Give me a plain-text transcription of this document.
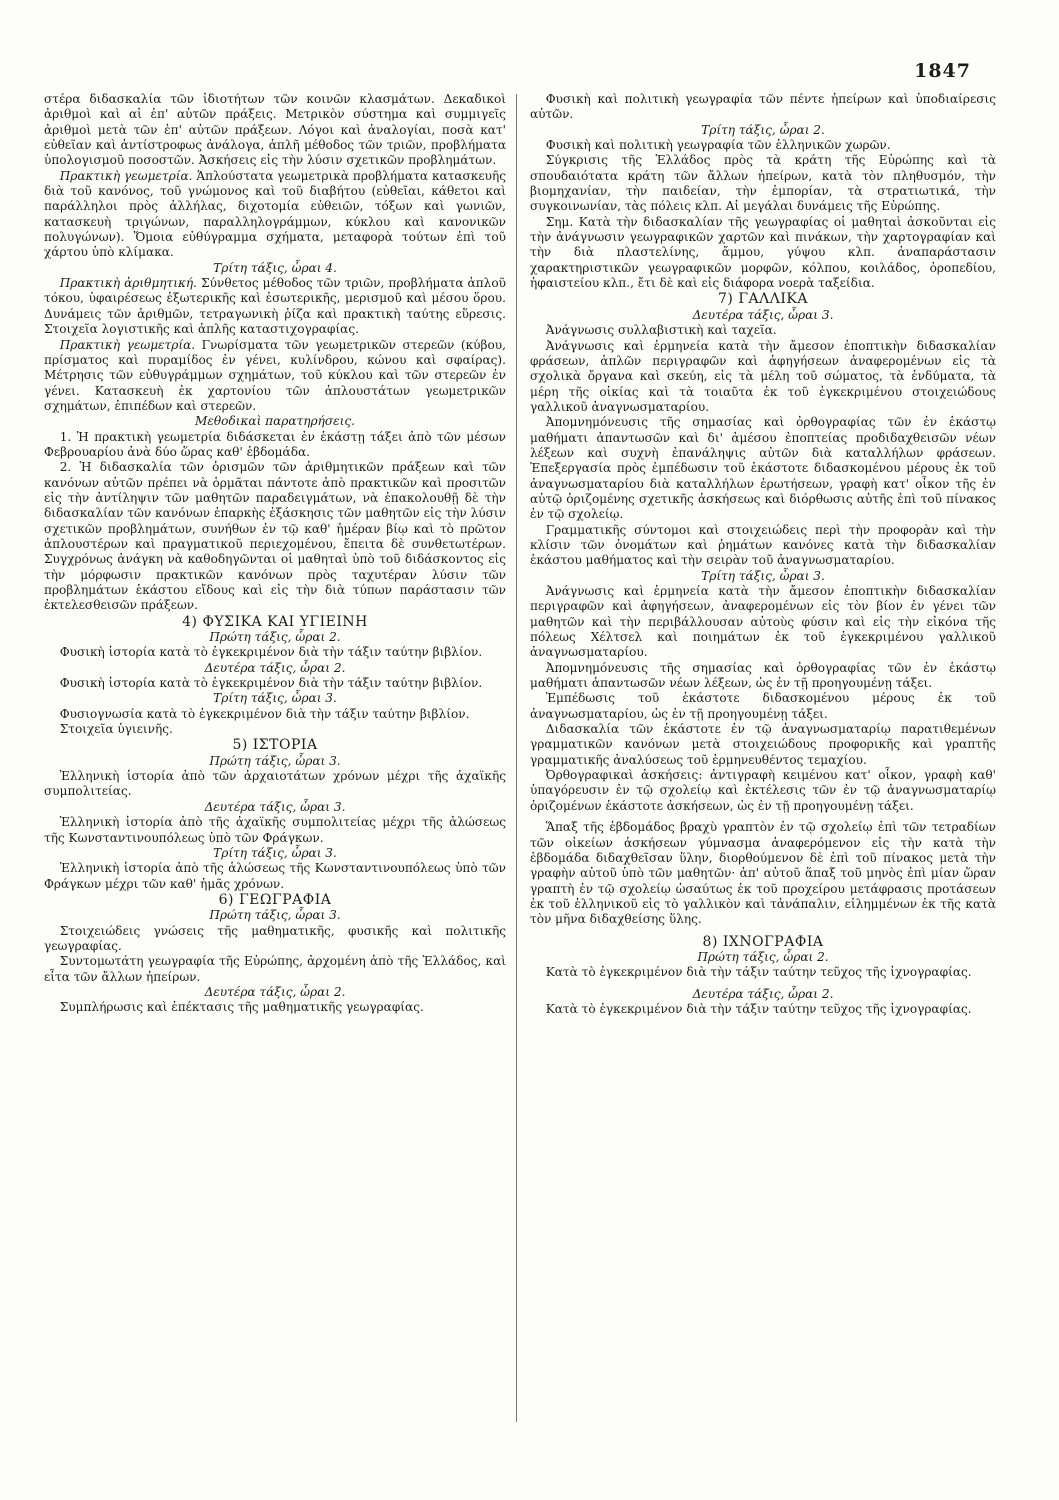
1847

στέρα διδασκαλία τῶν ἰδιοτήτων τῶν κοινῶν κλασμάτων. Δεκαδικοὶ ἀριθμοὶ καὶ αἱ ἐπ' αὐτῶν πράξεις. Μετρικὸν σύστημα καὶ συμμιγεῖς ἀριθμοὶ μετὰ τῶν ἐπ' αὐτῶν πράξεων. Λόγοι καὶ ἀναλογίαι, ποσὰ κατ' εὐθεῖαν καὶ ἀντίστροφως ἀνάλογα, ἁπλῆ μέθοδος τῶν τριῶν, προβλήματα ὑπολογισμοῦ ποσοστῶν. Ἀσκήσεις εἰς τὴν λύσιν σχετικῶν προβλημάτων.

Πρακτικὴ γεωμετρία. Ἁπλούστατα γεωμετρικὰ προβλήματα κατασκευῆς διὰ τοῦ κανόνος, τοῦ γνώμονος καὶ τοῦ διαβήτου (εὐθεῖαι, κάθετοι καὶ παράλληλοι πρὸς ἀλλήλας, διχοτομία εὐθειῶν, τόξων καὶ γωνιῶν, κατασκευὴ τριγώνων, παραλληλογράμμων, κύκλου καὶ κανονικῶν πολυγώνων). Ὅμοια εὐθύγραμμα σχήματα, μεταφορὰ τούτων ἐπὶ τοῦ χάρτου ὑπὸ κλίμακα.

Τρίτη τάξις, ὧραι 4.

Πρακτικὴ ἀριθμητική. Σύνθετος μέθοδος τῶν τριῶν, προβλήματα ἁπλοῦ τόκου, ὑφαιρέσεως ἐξωτερικῆς καὶ ἐσωτερικῆς, μερισμοῦ καὶ μέσου ὅρου. Δυνάμεις τῶν ἀριθμῶν, τετραγωνικὴ ῥίζα καὶ πρακτικὴ ταύτης εὕρεσις. Στοιχεῖα λογιστικῆς καὶ ἁπλῆς καταστιχογραφίας.

Πρακτικὴ γεωμετρία. Γνωρίσματα τῶν γεωμετρικῶν στερεῶν (κύβου, πρίσματος καὶ πυραμίδος ἐν γένει, κυλίνδρου, κώνου καὶ σφαίρας). Μέτρησις τῶν εὐθυγράμμων σχημάτων, τοῦ κύκλου καὶ τῶν στερεῶν ἐν γένει. Κατασκευὴ ἐκ χαρτονίου τῶν ἁπλουστάτων γεωμετρικῶν σχημάτων, ἐπιπέδων καὶ στερεῶν.

Μεθοδικαὶ παρατηρήσεις.

1. Ἡ πρακτικὴ γεωμετρία διδάσκεται ἐν ἑκάστῃ τάξει ἀπὸ τῶν μέσων Φεβρουαρίου ἀνὰ δύο ὥρας καθ' ἑβδομάδα.

2. Ἡ διδασκαλία τῶν ὁρισμῶν τῶν ἀριθμητικῶν πράξεων καὶ τῶν κανόνων αὐτῶν πρέπει νὰ ὁρμᾶται πάντοτε ἀπὸ πρακτικῶν καὶ προσιτῶν εἰς τὴν ἀντίληψιν τῶν μαθητῶν παραδειγμάτων, νὰ ἐπακολουθῇ δὲ τὴν διδασκαλίαν τῶν κανόνων ἐπαρκὴς ἐξάσκησις τῶν μαθητῶν εἰς τὴν λύσιν σχετικῶν προβλημάτων, συνήθων ἐν τῷ καθ' ἡμέραν βίῳ καὶ τὸ πρῶτον ἁπλουστέρων καὶ πραγματικοῦ περιεχομένου, ἔπειτα δὲ συνθετωτέρων. Συγχρόνως ἀνάγκη νὰ καθοδηγῶνται οἱ μαθηταὶ ὑπὸ τοῦ διδάσκοντος εἰς τὴν μόρφωσιν πρακτικῶν κανόνων πρὸς ταχυτέραν λύσιν τῶν προβλημάτων ἑκάστου εἴδους καὶ εἰς τὴν διὰ τύπων παράστασιν τῶν ἐκτελεσθεισῶν πράξεων.

4) ΦΥΣΙΚΑ ΚΑΙ ΥΓΙΕΙΝΗ

Πρώτη τάξις, ὧραι 2.

Φυσικὴ ἱστορία κατὰ τὸ ἐγκεκριμένον διὰ τὴν τάξιν ταύτην βιβλίον.

Δευτέρα τάξις, ὧραι 2.

Φυσικὴ ἱστορία κατὰ τὸ ἐγκεκριμένον διὰ τὴν τάξιν ταύτην βιβλίον.

Τρίτη τάξις, ὧραι 3.

Φυσιογνωσία κατὰ τὸ ἐγκεκριμένον διὰ τὴν τάξιν ταύτην βιβλίον.

Στοιχεῖα ὑγιεινῆς.

5) ΙΣΤΟΡΙΑ

Πρώτη τάξις, ὧραι 3.

Ἑλληνικὴ ἱστορία ἀπὸ τῶν ἀρχαιοτάτων χρόνων μέχρι τῆς ἀχαϊκῆς συμπολιτείας.

Δευτέρα τάξις, ὧραι 3.

Ἑλληνικὴ ἱστορία ἀπὸ τῆς ἀχαϊκῆς συμπολιτείας μέχρι τῆς ἁλώσεως τῆς Κωνσταντινουπόλεως ὑπὸ τῶν Φράγκων.

Τρίτη τάξις, ὧραι 3.

Ἑλληνικὴ ἱστορία ἀπὸ τῆς ἁλώσεως τῆς Κωνσταντινουπόλεως ὑπὸ τῶν Φράγκων μέχρι τῶν καθ' ἡμᾶς χρόνων.

6) ΓΕΩΓΡΑΦΙΑ

Πρώτη τάξις, ὧραι 3.

Στοιχειώδεις γνώσεις τῆς μαθηματικῆς, φυσικῆς καὶ πολιτικῆς γεωγραφίας.

Συντομωτάτη γεωγραφία τῆς Εὐρώπης, ἀρχομένη ἀπὸ τῆς Ἑλλάδος, καὶ εἶτα τῶν ἄλλων ἠπείρων.

Δευτέρα τάξις, ὧραι 2.

Συμπλήρωσις καὶ ἐπέκτασις τῆς μαθηματικῆς γεωγραφίας.

Φυσικὴ καὶ πολιτικὴ γεωγραφία τῶν πέντε ἠπείρων καὶ ὑποδιαίρεσις αὐτῶν.

Τρίτη τάξις, ὧραι 2.

Φυσικὴ καὶ πολιτικὴ γεωγραφία τῶν ἑλληνικῶν χωρῶν.

Σύγκρισις τῆς Ἑλλάδος πρὸς τὰ κράτη τῆς Εὐρώπης καὶ τὰ σπουδαιότατα κράτη τῶν ἄλλων ἠπείρων, κατὰ τὸν πληθυσμόν, τὴν βιομηχανίαν, τὴν παιδείαν, τὴν ἐμπορίαν, τὰ στρατιωτικά, τὴν συγκοινωνίαν, τὰς πόλεις κλπ. Αἱ μεγάλαι δυνάμεις τῆς Εὐρώπης.

Σημ. Κατὰ τὴν διδασκαλίαν τῆς γεωγραφίας οἱ μαθηταὶ ἀσκοῦνται εἰς τὴν ἀνάγνωσιν γεωγραφικῶν χαρτῶν καὶ πινάκων, τὴν χαρτογραφίαν καὶ τὴν διὰ πλαστελίνης, ἄμμου, γύψου κλπ. ἀναπαράστασιν χαρακτηριστικῶν γεωγραφικῶν μορφῶν, κόλπου, κοιλάδος, ὀροπεδίου, ἡφαιστείου κλπ., ἔτι δὲ καὶ εἰς διάφορα νοερὰ ταξείδια.

7) ΓΑΛΛΙΚΑ

Δευτέρα τάξις, ὧραι 3.

Ἀνάγνωσις συλλαβιστικὴ καὶ ταχεῖα.

Ἀνάγνωσις καὶ ἑρμηνεία κατὰ τὴν ἄμεσον ἐποπτικὴν διδασκαλίαν φράσεων, ἁπλῶν περιγραφῶν καὶ ἀφηγήσεων ἀναφερομένων εἰς τὰ σχολικὰ ὄργανα καὶ σκεύη, εἰς τὰ μέλη τοῦ σώματος, τὰ ἐνδύματα, τὰ μέρη τῆς οἰκίας καὶ τὰ τοιαῦτα ἐκ τοῦ ἐγκεκριμένου στοιχειώδους γαλλικοῦ ἀναγνωσματαρίου.

Ἀπομνημόνευσις τῆς σημασίας καὶ ὀρθογραφίας τῶν ἐν ἑκάστῳ μαθήματι ἀπαντωσῶν καὶ δι' ἀμέσου ἐποπτείας προδιδαχθεισῶν νέων λέξεων καὶ συχνὴ ἐπανάληψις αὐτῶν διὰ καταλλήλων φράσεων. Ἐπεξεργασία πρὸς ἐμπέδωσιν τοῦ ἑκάστοτε διδασκομένου μέρους ἐκ τοῦ ἀναγνωσματαρίου διὰ καταλλήλων ἐρωτήσεων, γραφὴ κατ' οἶκον τῆς ἐν αὐτῷ ὁριζομένης σχετικῆς ἀσκήσεως καὶ διόρθωσις αὐτῆς ἐπὶ τοῦ πίνακος ἐν τῷ σχολείῳ.

Γραμματικῆς σύντομοι καὶ στοιχειώδεις περὶ τὴν προφορὰν καὶ τὴν κλίσιν τῶν ὀνομάτων καὶ ῥημάτων κανόνες κατὰ τὴν διδασκαλίαν ἑκάστου μαθήματος καὶ τὴν σειρὰν τοῦ ἀναγνωσματαρίου.

Τρίτη τάξις, ὧραι 3.

Ἀνάγνωσις καὶ ἑρμηνεία κατὰ τὴν ἄμεσον ἐποπτικὴν διδασκαλίαν περιγραφῶν καὶ ἀφηγήσεων, ἀναφερομένων εἰς τὸν βίον ἐν γένει τῶν μαθητῶν καὶ τὴν περιβάλλουσαν αὐτοὺς φύσιν καὶ εἰς τὴν εἰκόνα τῆς πόλεως Χέλτσελ καὶ ποιημάτων ἐκ τοῦ ἐγκεκριμένου γαλλικοῦ ἀναγνωσματαρίου.

Ἀπομνημόνευσις τῆς σημασίας καὶ ὀρθογραφίας τῶν ἐν ἑκάστῳ μαθήματι ἀπαντωσῶν νέων λέξεων, ὡς ἐν τῇ προηγουμένῃ τάξει.

Ἐμπέδωσις τοῦ ἑκάστοτε διδασκομένου μέρους ἐκ τοῦ ἀναγνωσματαρίου, ὡς ἐν τῇ προηγουμένῃ τάξει.

Διδασκαλία τῶν ἑκάστοτε ἐν τῷ ἀναγνωσματαρίῳ παρατιθεμένων γραμματικῶν κανόνων μετὰ στοιχειώδους προφορικῆς καὶ γραπτῆς γραμματικῆς ἀναλύσεως τοῦ ἑρμηνευθέντος τεμαχίου.

Ὀρθογραφικαὶ ἀσκήσεις: ἀντιγραφὴ κειμένου κατ' οἶκον, γραφὴ καθ' ὑπαγόρευσιν ἐν τῷ σχολείῳ καὶ ἐκτέλεσις τῶν ἐν τῷ ἀναγνωσματαρίῳ ὁριζομένων ἑκάστοτε ἀσκήσεων, ὡς ἐν τῇ προηγουμένῃ τάξει.

Ἅπαξ τῆς ἑβδομάδος βραχὺ γραπτὸν ἐν τῷ σχολείῳ ἐπὶ τῶν τετραδίων τῶν οἰκείων ἀσκήσεων γύμνασμα ἀναφερόμενον εἰς τὴν κατὰ τὴν ἑβδομάδα διδαχθεῖσαν ὕλην, διορθούμενον δὲ ἐπὶ τοῦ πίνακος μετὰ τὴν γραφὴν αὐτοῦ ὑπὸ τῶν μαθητῶν· ἀπ' αὐτοῦ ἅπαξ τοῦ μηνὸς ἐπὶ μίαν ὥραν γραπτὴ ἐν τῷ σχολείῳ ὡσαύτως ἐκ τοῦ προχείρου μετάφρασις προτάσεων ἐκ τοῦ ἑλληνικοῦ εἰς τὸ γαλλικὸν καὶ τἀνάπαλιν, εἰλημμένων ἐκ τῆς κατὰ τὸν μῆνα διδαχθείσης ὕλης.

8) ΙΧΝΟΓΡΑΦΙΑ

Πρώτη τάξις, ὧραι 2.

Κατὰ τὸ ἐγκεκριμένον διὰ τὴν τάξιν ταύτην τεῦχος τῆς ἰχνογραφίας.

Δευτέρα τάξις, ὧραι 2.

Κατὰ τὸ ἐγκεκριμένον διὰ τὴν τάξιν ταύτην τεῦχος τῆς ἰχνογραφίας.
